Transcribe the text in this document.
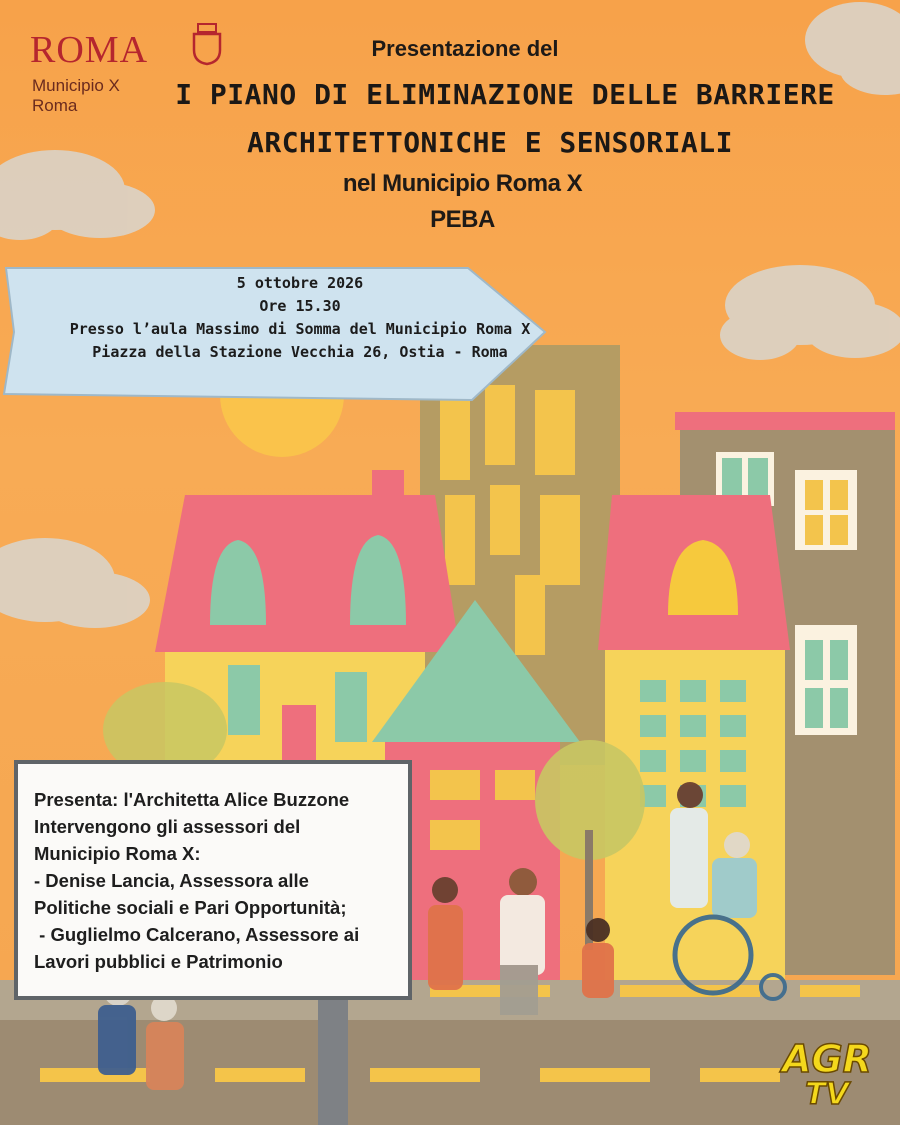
ROMA
Municipio X
Roma
Presentazione del
I PIANO DI ELIMINAZIONE DELLE BARRIERE
ARCHITETTONICHE E SENSORIALI
nel Municipio Roma X
PEBA
5 ottobre 2026
Ore 15.30
Presso l’aula Massimo di Somma del Municipio Roma X
Piazza della Stazione Vecchia 26, Ostia - Roma
Presenta: l'Architetta Alice Buzzone
Intervengono gli assessori del
Municipio Roma X:
- Denise Lancia, Assessora alle
Politiche sociali e Pari Opportunità;
- Guglielmo Calcerano, Assessore ai
Lavori pubblici e Patrimonio
AGR
TV
